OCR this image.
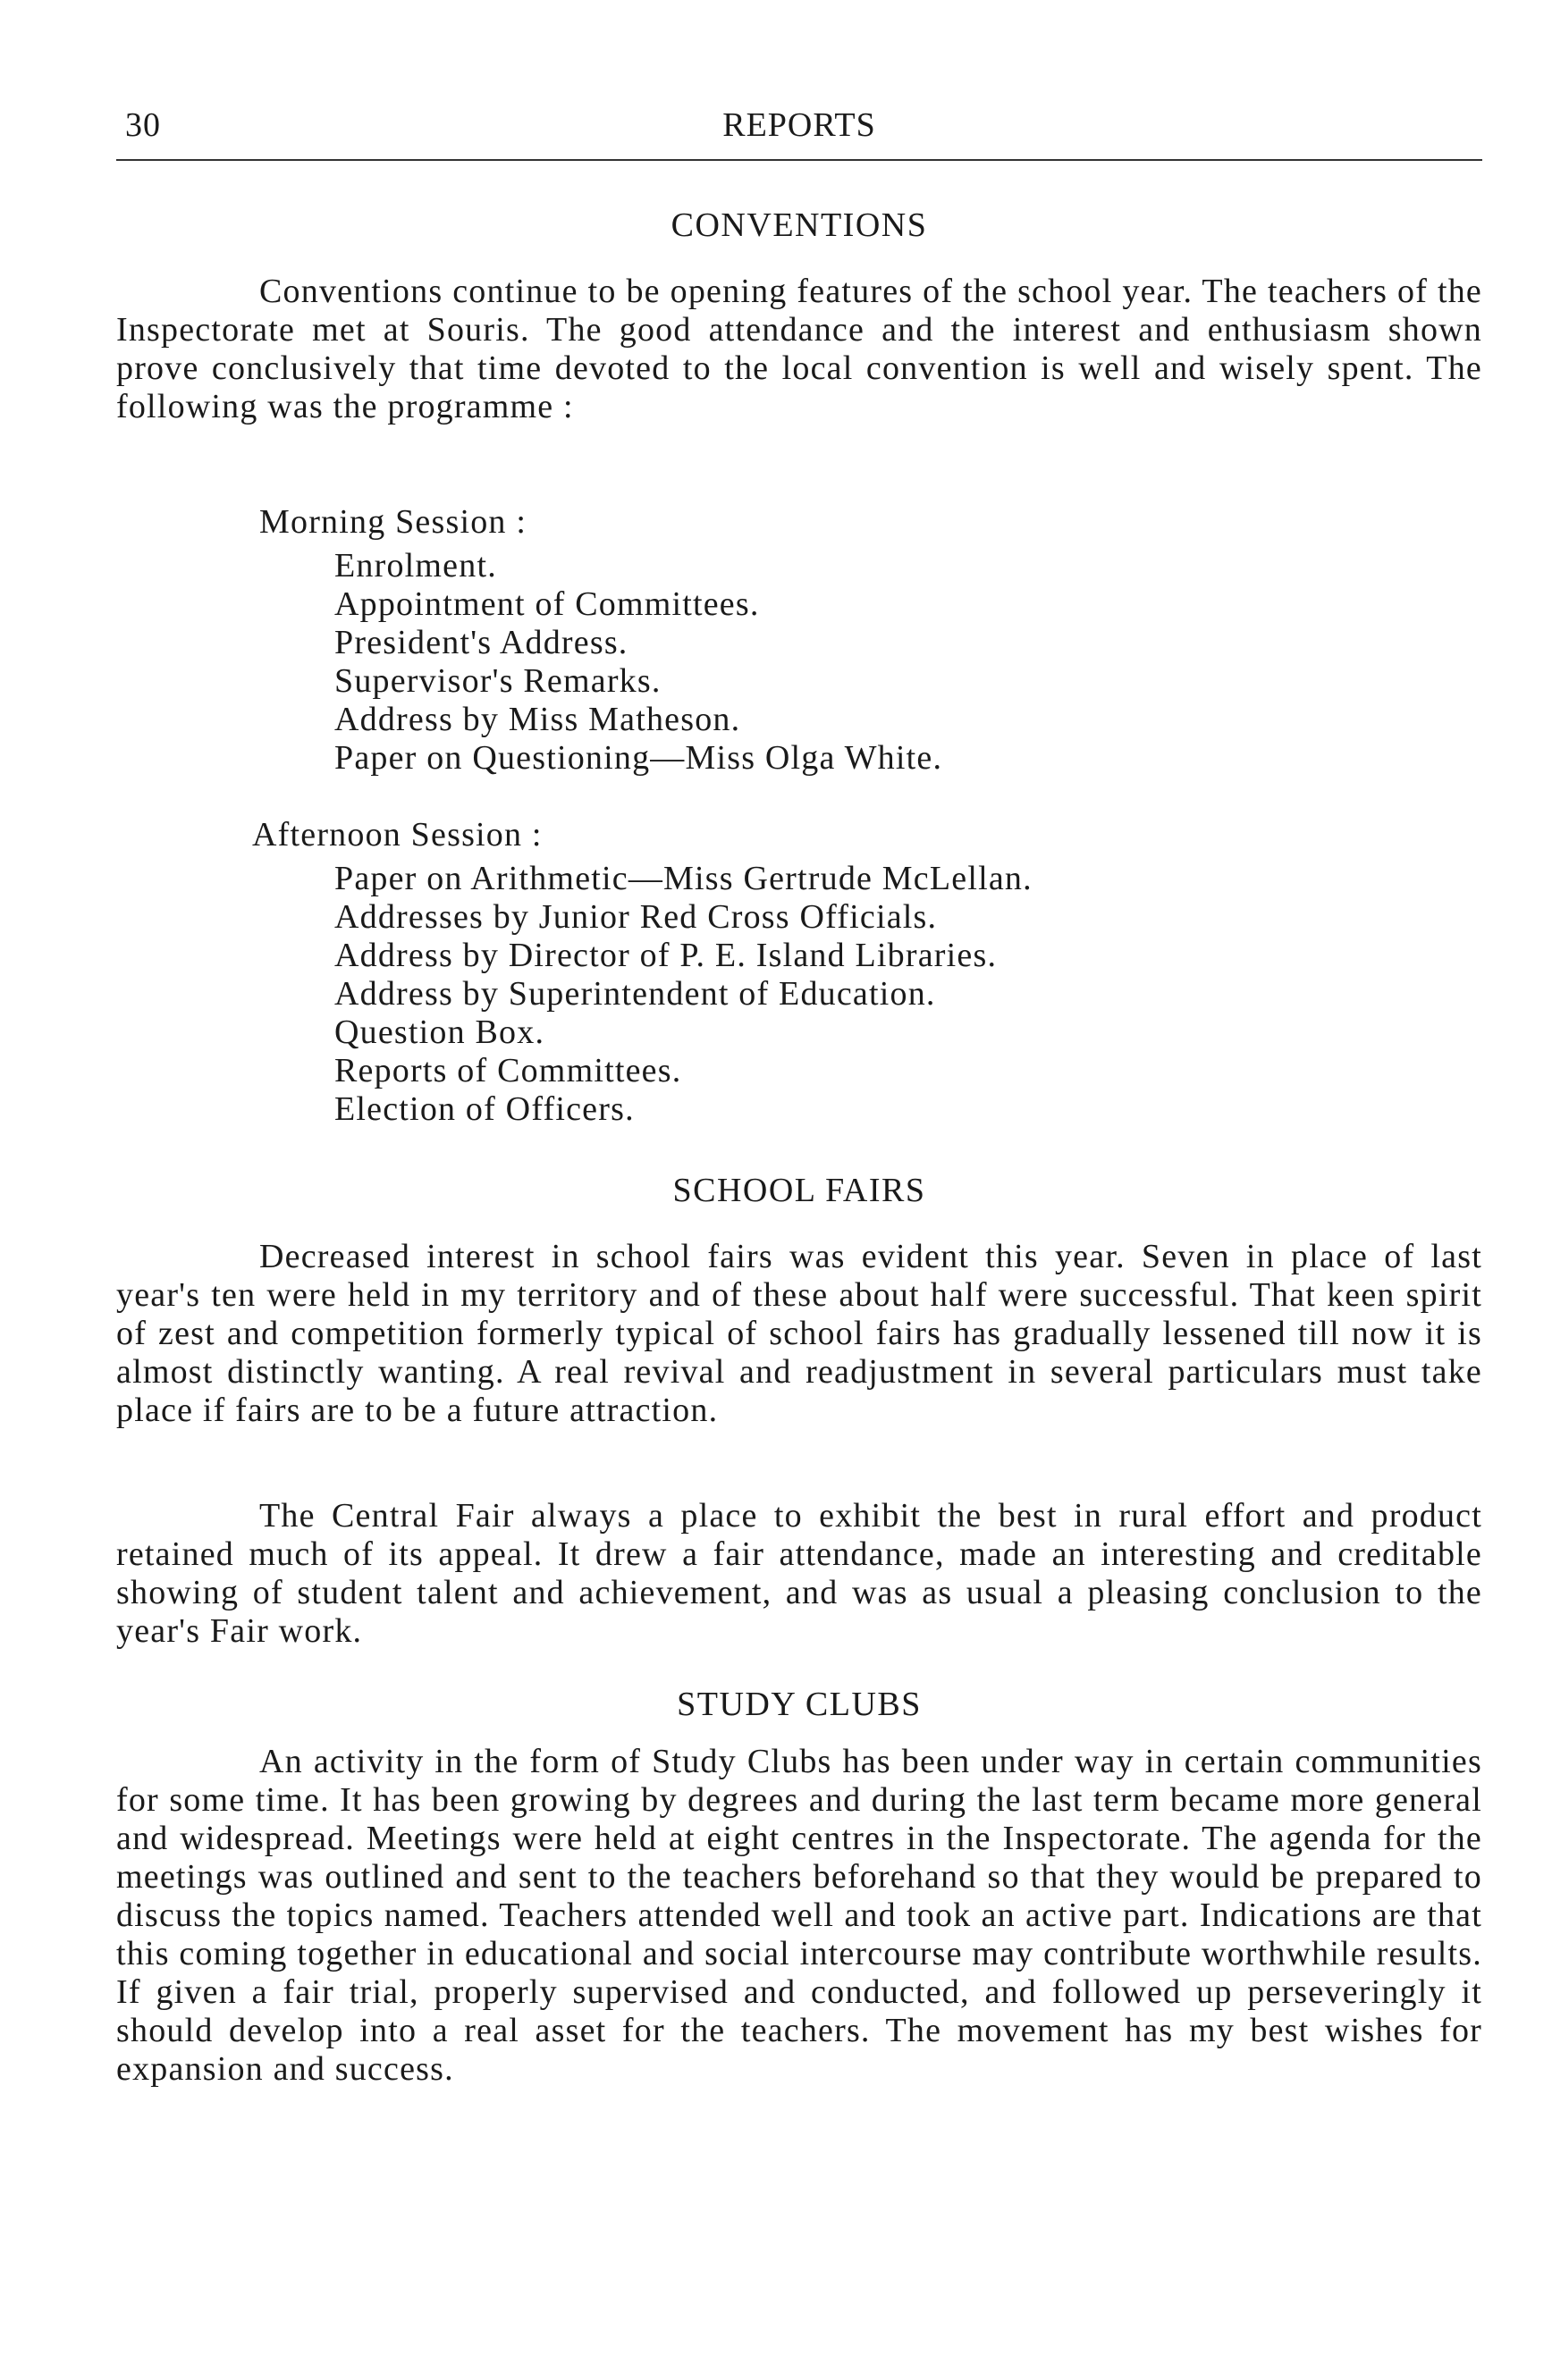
30	REPORTS
CONVENTIONS

Conventions continue to be opening features of the school year. The teachers of the Inspectorate met at Souris. The good attendance and the interest and enthusiasm shown prove conclusively that time devoted to the local convention is well and wisely spent. The following was the programme :

Morning Session :
Enrolment.
Appointment of Committees.
President's Address.
Supervisor's Remarks.
Address by Miss Matheson.
Paper on Questioning—Miss Olga White.
Afternoon Session :
Paper on Arithmetic—Miss Gertrude McLellan.
Addresses by Junior Red Cross Officials.
Address by Director of P. E. Island Libraries.
Address by Superintendent of Education.
Question Box.
Reports of Committees.
Election of Officers.
SCHOOL FAIRS

Decreased interest in school fairs was evident this year. Seven in place of last year's ten were held in my territory and of these about half were successful. That keen spirit of zest and competition formerly typical of school fairs has gradually lessened till now it is almost distinctly wanting. A real revival and readjustment in several particulars must take place if fairs are to be a future attraction.

The Central Fair always a place to exhibit the best in rural effort and product retained much of its appeal. It drew a fair attendance, made an interesting and creditable showing of student talent and achievement, and was as usual a pleasing conclusion to the year's Fair work.

STUDY CLUBS

An activity in the form of Study Clubs has been under way in certain communities for some time. It has been growing by degrees and during the last term became more general and widespread. Meetings were held at eight centres in the Inspectorate. The agenda for the meetings was outlined and sent to the teachers beforehand so that they would be prepared to discuss the topics named. Teachers attended well and took an active part. Indications are that this coming together in educational and social intercourse may contribute worthwhile results. If given a fair trial, properly supervised and conducted, and followed up perseveringly it should develop into a real asset for the teachers. The movement has my best wishes for expansion and success.
